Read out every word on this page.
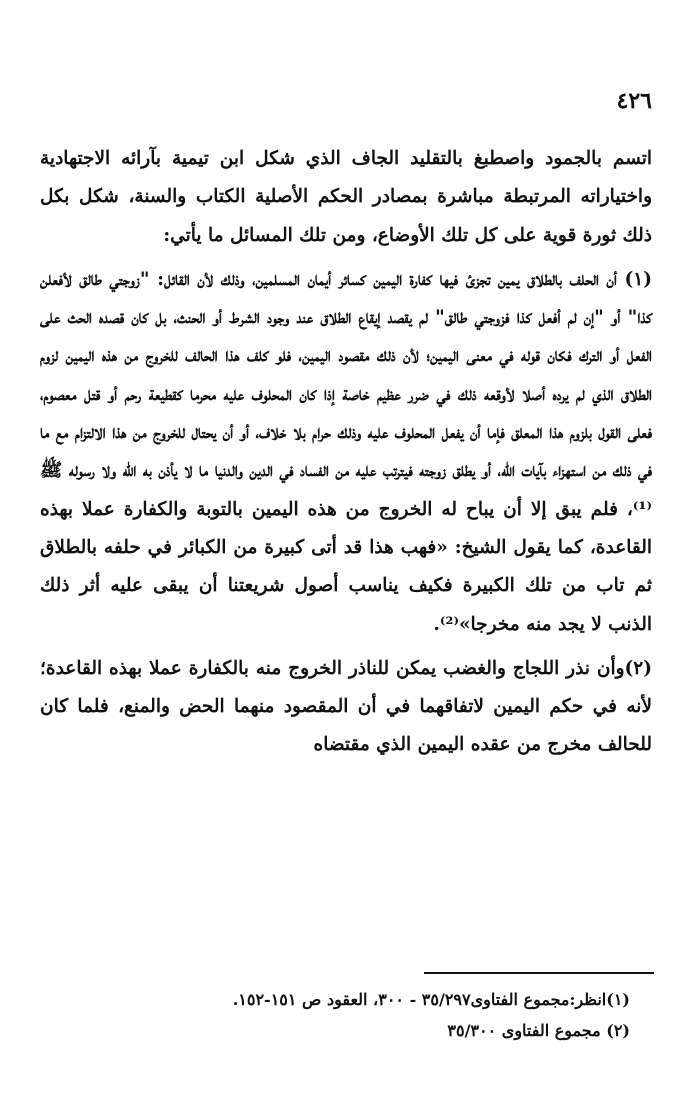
٤٢٦

اتسم بالجمود واصطبغ بالتقليد الجاف الذي شكل ابن تيمية بآرائه الاجتهادية واختياراته المرتبطة مباشرة بمصادر الحكم الأصلية الكتاب والسنة، شكل بكل ذلك ثورة قوية على كل تلك الأوضاع، ومن تلك المسائل ما يأتي:

(١) أن الحلف بالطلاق يمين تجزئ فيها كفارة اليمين كسائر أيمان المسلمين، وذلك لأن القائل: "زوجتي طالق لأفعلن كذا" أو "إن لم أفعل كذا فزوجتي طالق" لم يقصد إيقاع الطلاق عند وجود الشرط أو الحنث، بل كان قصده الحث على الفعل أو الترك فكان قوله في معنى اليمين؛ لأن ذلك مقصود اليمين، فلو كلف هذا الحالف للخروج من هذه اليمين لزوم الطلاق الذي لم يرده أصلا لأوقعه ذلك في ضرر عظيم خاصة إذا كان المحلوف عليه محرما كقطيعة رحم أو قتل معصوم، فعلى القول بلزوم هذا المعلق فإما أن يفعل المحلوف عليه وذلك حرام بلا خلاف، أو أن يحتال للخروج من هذا الالتزام مع ما في ذلك من استهزاء بآيات الله، أو يطلق زوجته فيترتب عليه من الفساد في الدين والدنيا ما لا يأذن به الله ولا رسوله ﷺ ⁽¹⁾، فلم يبق إلا أن يباح له الخروج من هذه اليمين بالتوبة والكفارة عملا بهذه القاعدة، كما يقول الشيخ: «فهب هذا قد أتى كبيرة من الكبائر في حلفه بالطلاق ثم تاب من تلك الكبيرة فكيف يناسب أصول شريعتنا أن يبقى عليه أثر ذلك الذنب لا يجد منه مخرجا»⁽²⁾.

(٢)وأن نذر اللجاج والغضب يمكن للناذر الخروج منه بالكفارة عملا بهذه القاعدة؛ لأنه في حكم اليمين لاتفاقهما في أن المقصود منهما الحض والمنع، فلما كان للحالف مخرج من عقده اليمين الذي مقتضاه

(١)انظر:مجموع الفتاوى٣٥/٢٩٧ - ٣٠٠، العقود ص ١٥١-١٥٢.

(٢) مجموع الفتاوى ٣٥/٣٠٠
